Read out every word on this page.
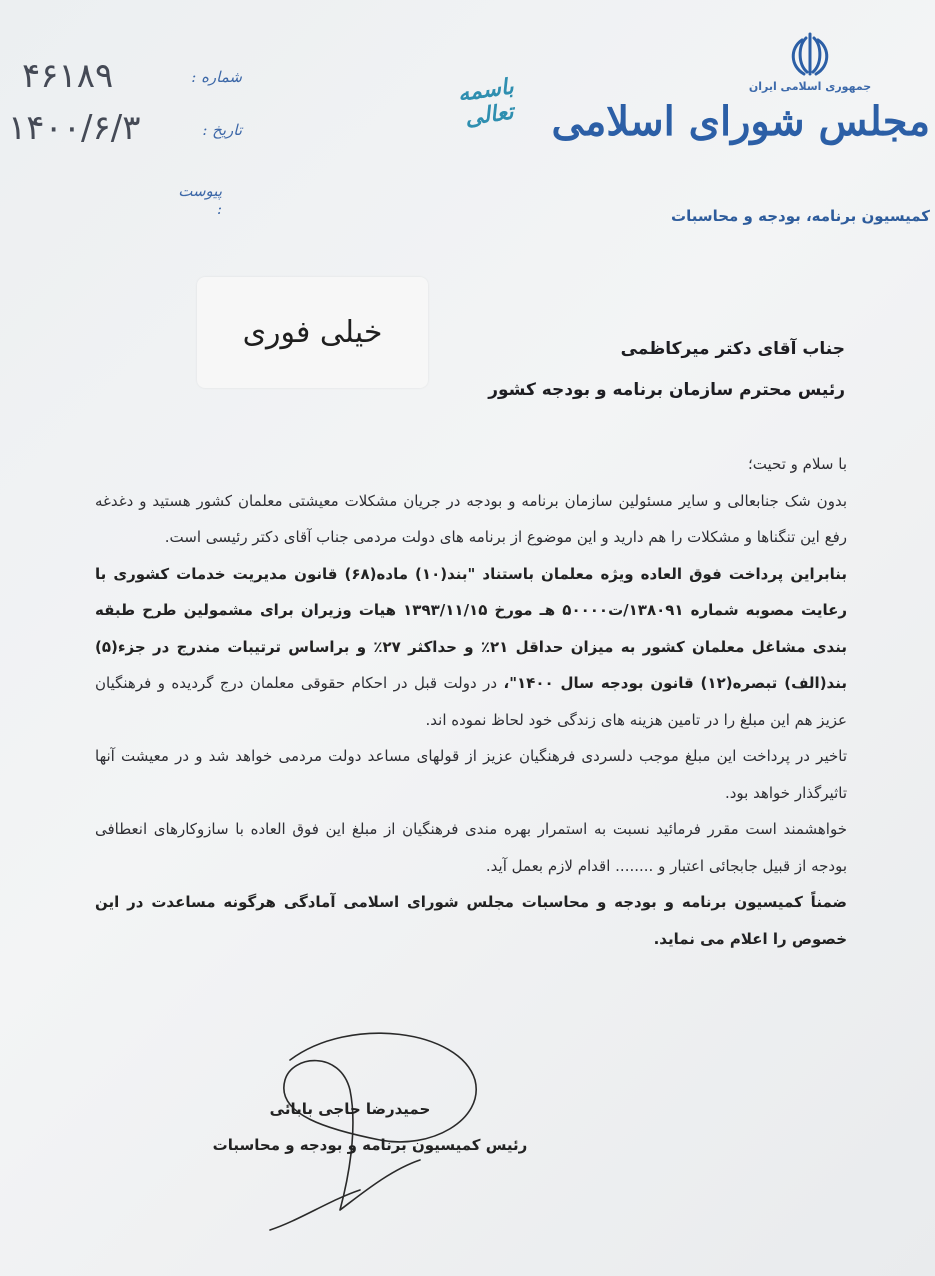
۴۶۱۸۹	شماره :
۱۴۰۰/۶/۳	تاریخ :
پیوست :
باسمه تعالی
جمهوری اسلامی ایران
مجلس شورای اسلامی
کمیسیون برنامه، بودجه و محاسبات
خیلی فوری	جناب آقای دکتر میرکاظمی
رئیس محترم سازمان برنامه و بودجه کشور

با سلام و تحیت؛

بدون شک جنابعالی و سایر مسئولین سازمان برنامه و بودجه در جریان مشکلات معیشتی معلمان کشور هستید و دغدغه رفع این تنگناها و مشکلات را هم دارید و این موضوع از برنامه های دولت مردمی جناب آقای دکتر رئیسی است.

بنابراین پرداخت فوق العاده ویژه معلمان باستناد "بند(۱۰) ماده(۶۸) قانون مدیریت خدمات کشوری با رعایت مصوبه شماره ۱۳۸۰۹۱/ت۵۰۰۰۰ هـ مورخ ۱۳۹۳/۱۱/۱۵ هیات وزیران برای مشمولین طرح طبقه بندی مشاغل معلمان کشور به میزان حداقل ۲۱٪ و حداکثر ۲۷٪ و براساس ترتیبات مندرج در جزء(۵) بند(الف) تبصره(۱۲) قانون بودجه سال ۱۴۰۰"، در دولت قبل در احکام حقوقی معلمان درج گردیده و فرهنگیان عزیز هم این مبلغ را در تامین هزینه های زندگی خود لحاظ نموده اند.

تاخیر در پرداخت این مبلغ موجب دلسردی فرهنگیان عزیز از قولهای مساعد دولت مردمی خواهد شد و در معیشت آنها تاثیرگذار خواهد بود.

خواهشمند است مقرر فرمائید نسبت به استمرار بهره مندی فرهنگیان از مبلغ این فوق العاده با سازوکارهای انعطافی بودجه از قبیل جابجائی اعتبار و ........ اقدام لازم بعمل آید.

ضمناً کمیسیون برنامه و بودجه و محاسبات مجلس شورای اسلامی آمادگی هرگونه مساعدت در این خصوص را اعلام می نماید.

حمیدرضا حاجی بابائی
رئیس کمیسیون برنامه و بودجه و محاسبات
